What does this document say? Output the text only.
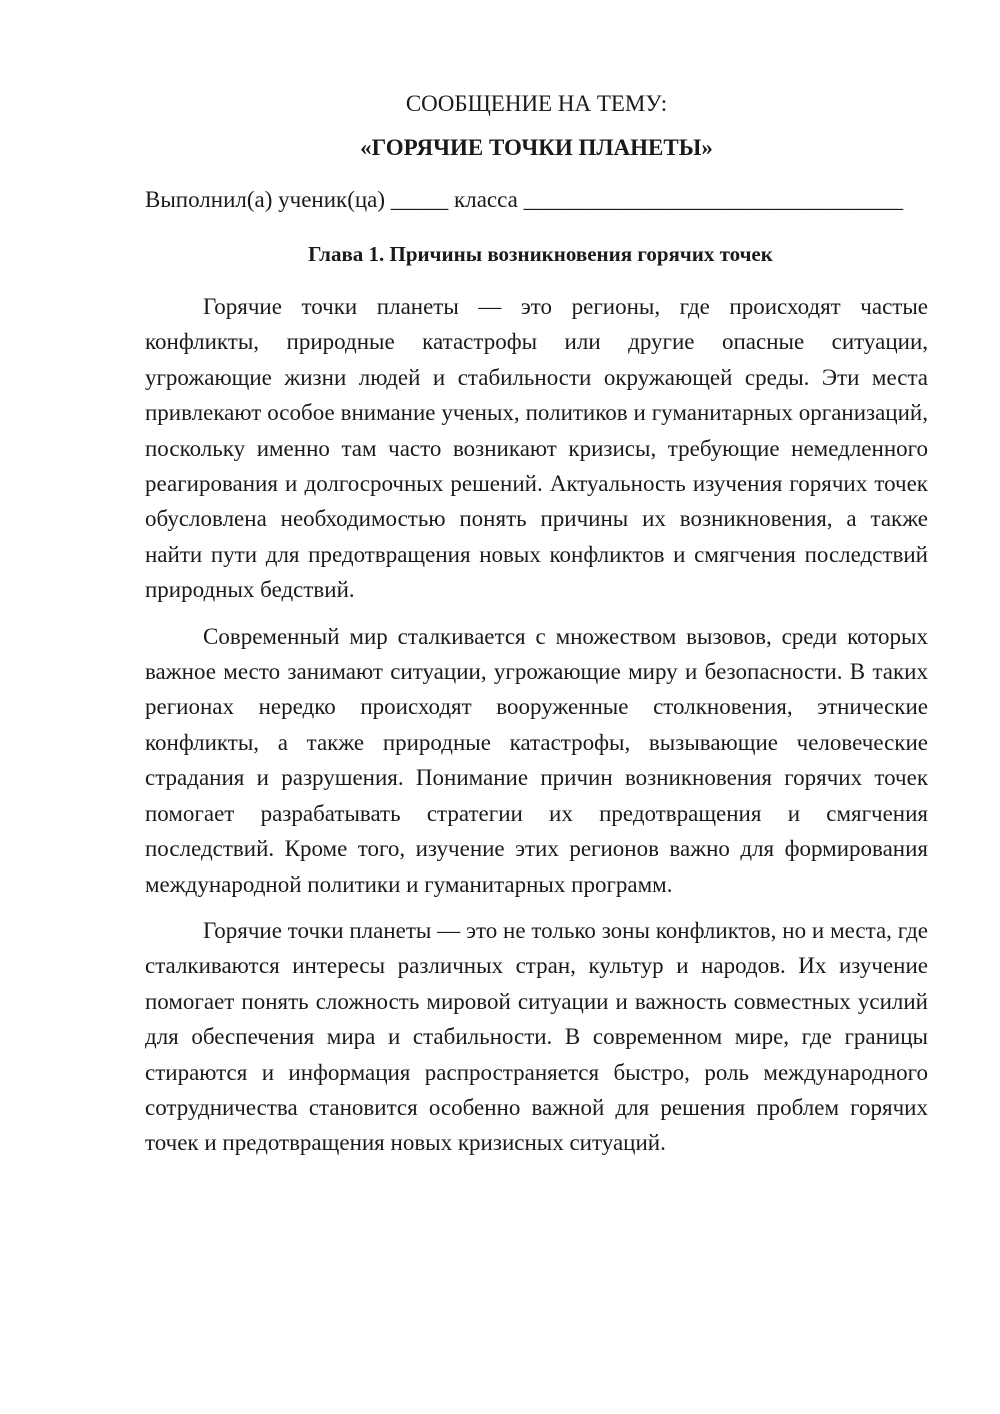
СООБЩЕНИЕ НА ТЕМУ:

«ГОРЯЧИЕ ТОЧКИ ПЛАНЕТЫ»

Выполнил(а) ученик(ца) _____ класса _________________________________
Глава 1. Причины возникновения горячих точек

Горячие точки планеты — это регионы, где происходят частые конфликты, природные катастрофы или другие опасные ситуации, угрожающие жизни людей и стабильности окружающей среды. Эти места привлекают особое внимание ученых, политиков и гуманитарных организаций, поскольку именно там часто возникают кризисы, требующие немедленного реагирования и долгосрочных решений. Актуальность изучения горячих точек обусловлена необходимостью понять причины их возникновения, а также найти пути для предотвращения новых конфликтов и смягчения последствий природных бедствий.

Современный мир сталкивается с множеством вызовов, среди которых важное место занимают ситуации, угрожающие миру и безопасности. В таких регионах нередко происходят вооруженные столкновения, этнические конфликты, а также природные катастрофы, вызывающие человеческие страдания и разрушения. Понимание причин возникновения горячих точек помогает разрабатывать стратегии их предотвращения и смягчения последствий. Кроме того, изучение этих регионов важно для формирования международной политики и гуманитарных программ.

Горячие точки планеты — это не только зоны конфликтов, но и места, где сталкиваются интересы различных стран, культур и народов. Их изучение помогает понять сложность мировой ситуации и важность совместных усилий для обеспечения мира и стабильности. В современном мире, где границы стираются и информация распространяется быстро, роль международного сотрудничества становится особенно важной для решения проблем горячих точек и предотвращения новых кризисных ситуаций.
